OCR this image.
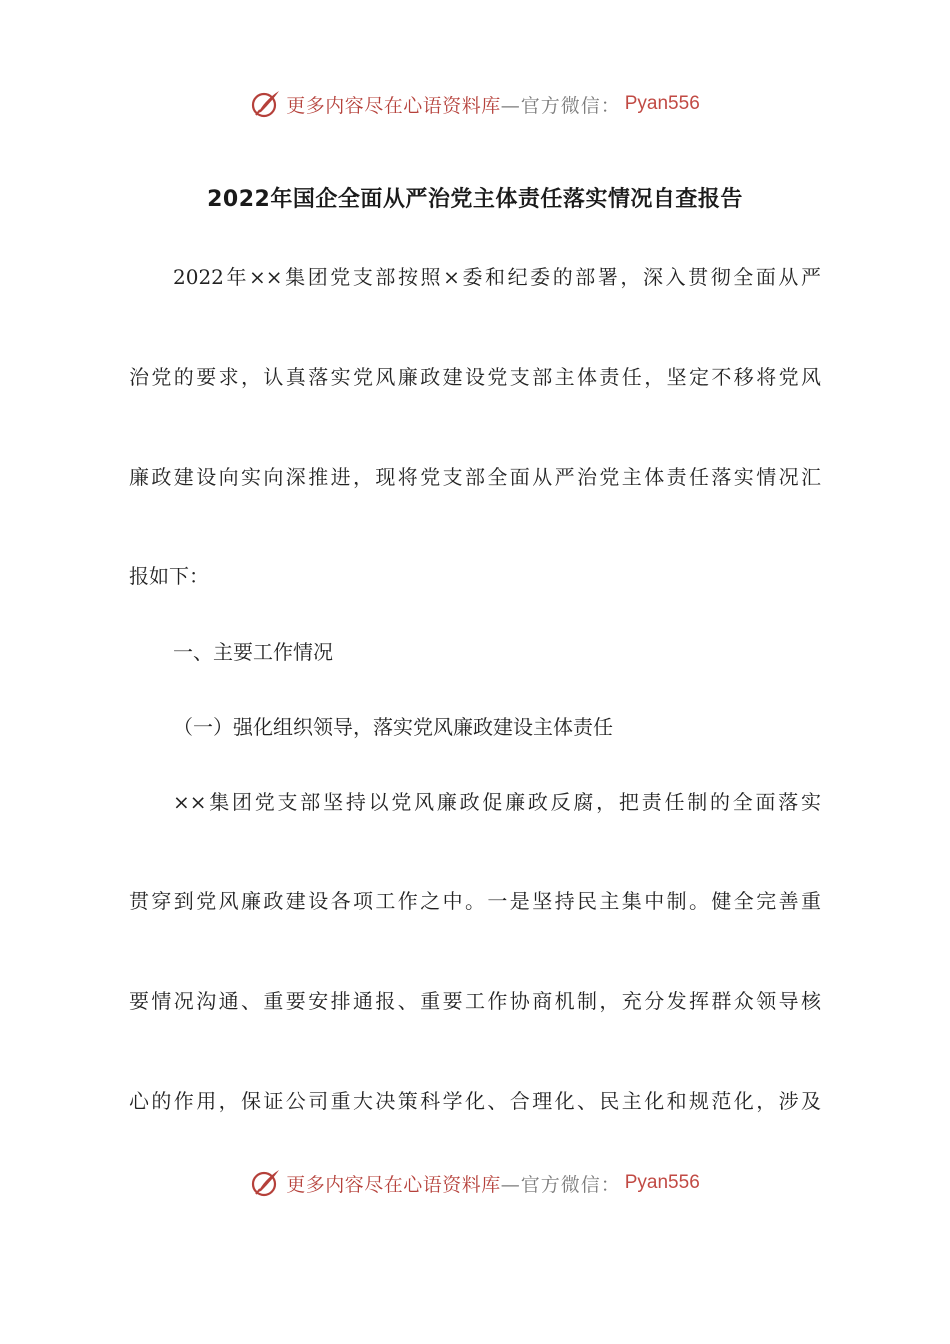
更多内容尽在心语资料库 —官方微信： Pyan556
2022年国企全面从严治党主体责任落实情况自查报告
2022年××集团党支部按照×委和纪委的部署，深入贯彻全面从严
治党的要求，认真落实党风廉政建设党支部主体责任，坚定不移将党风
廉政建设向实向深推进，现将党支部全面从严治党主体责任落实情况汇
报如下：
一、主要工作情况
（一）强化组织领导，落实党风廉政建设主体责任
××集团党支部坚持以党风廉政促廉政反腐，把责任制的全面落实
贯穿到党风廉政建设各项工作之中。一是坚持民主集中制。健全完善重
要情况沟通、重要安排通报、重要工作协商机制，充分发挥群众领导核
心的作用，保证公司重大决策科学化、合理化、民主化和规范化，涉及
更多内容尽在心语资料库 —官方微信： Pyan556
